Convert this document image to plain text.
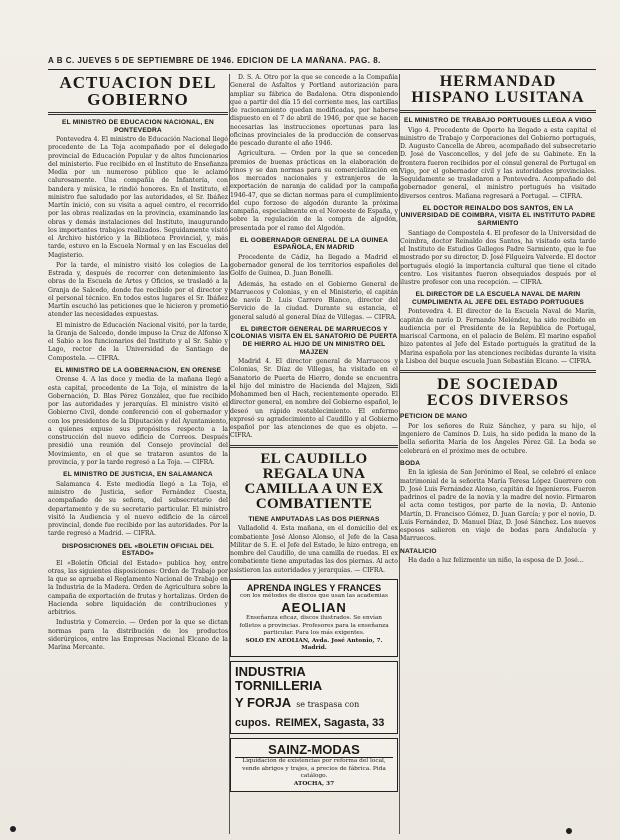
A B C. JUEVES 5 DE SEPTIEMBRE DE 1946. EDICION DE LA MAÑANA. PAG. 8.
ACTUACION DEL GOBIERNO
EL MINISTRO DE EDUCACION NACIONAL, EN PONTEVEDRA
Pontevedra 4. El ministro de Educación Nacional llegó procedente de La Toja acompañado por el delegado provincial de Educación Popular y de altos funcionarios del ministerio. Fue recibido en el Instituto de Enseñanza Media por un numeroso público que le aclamó calurosamente. Una compañía de Infantería, con bandera y música, le rindió honores. En el Instituto, el ministro fue saludado por las autoridades, el Sr. Ibáñez Martín inició, con su visita a aquel centro, el recorrido por las obras realizadas en la provincia, examinando las obras y demás instalaciones del Instituto, inaugurando los importantes trabajos realizados. Seguidamente visitó el Archivo histórico y la Biblioteca Provincial, y, más tarde, estuvo en la Escuela Normal y en las Escuelas del Magisterio.
Por la tarde, el ministro visitó los colegios de La Estrada y, después de recorrer con detenimiento las obras de la Escuela de Artes y Oficios, se trasladó a la Granja de Salcedo, donde fue recibido por el director y el personal técnico. En todos estos lugares el Sr. Ibáñez Martín escuchó las peticiones que le hicieron y prometió atender las necesidades expuestas.
El ministro de Educación Nacional visitó, por la tarde, la Granja de Salcedo, donde impuso la Cruz de Alfonso X el Sabio a los funcionarios del Instituto y al Sr. Sabio y Lago, rector de la Universidad de Santiago de Compostela. — CIFRA.
EL MINISTRO DE LA GOBERNACION, EN ORENSE
Orense 4. A las doce y media de la mañana llegó a esta capital, procedente de La Toja, el ministro de la Gobernación, D. Blas Pérez González, que fue recibido por las autoridades y jerarquías. El ministro visitó el Gobierno Civil, donde conferenció con el gobernador y con los presidentes de la Diputación y del Ayuntamiento, a quienes expuso sus propósitos respecto a la construcción del nuevo edificio de Correos. Después presidió una reunión del Consejo provincial del Movimiento, en el que se trataron asuntos de la provincia, y por la tarde regresó a La Toja. — CIFRA.
EL MINISTRO DE JUSTICIA, EN SALAMANCA
Salamanca 4. Este mediodía llegó a La Toja, el ministro de Justicia, señor Fernández Cuesta, acompañado de su señora, del subsecretario del departamento y de su secretario particular. El ministro visitó la Audiencia y el nuevo edificio de la cárcel provincial, donde fue recibido por las autoridades. Por la tarde regresó a Madrid. — CIFRA.
DISPOSICIONES DEL «BOLETIN OFICIAL DEL ESTADO»
El «Boletín Oficial del Estado» publica hoy, entre otras, las siguientes disposiciones: Orden de Trabajo por la que se aprueba el Reglamento Nacional de Trabajo en la Industria de la Madera. Orden de Agricultura sobre la campaña de exportación de frutas y hortalizas. Orden de Hacienda sobre liquidación de contribuciones y arbitrios.
Industria y Comercio. — Orden por la que se dictan normas para la distribución de los productos siderúrgicos, entre las Empresas Nacional Elcano de la Marina Mercante.
D. S. A. Otro por la que se concede a la Compañía General de Asfaltos y Portland autorización para ampliar su fábrica de Badalona. Otra disponiendo que a partir del día 15 del corriente mes, las cartillas de racionamiento quedan modificadas, por haberse dispuesto en el 7 de abril de 1946, por que se hacen necesarias las instrucciones oportunas para las oficinas provinciales de la producción de conservas de pescado durante el año 1946.
Agricultura. — Orden por la que se conceden premios de buenas prácticas en la elaboración de vinos y se dan normas para su comercialización en los mercados nacionales y extranjeros de la exportación de naranja de calidad por la campaña 1946-47, que se dictan normas para el cumplimiento del cupo forzoso de algodón durante la próxima campaña, especialmente en el Noroeste de España, y sobre la regulación de la compra de algodón, presentada por el ramo del Algodón.
EL GOBERNADOR GENERAL DE LA GUINEA ESPAÑOLA, EN MADRID
Procedente de Cádiz, ha llegado a Madrid el gobernador general de los territorios españoles del Golfo de Guinea, D. Juan Bonelli.
Además, ha estado en el Gobierno General de Marruecos y Colonias, y en el Ministerio, el capitán de navío D. Luis Carrero Blanco, director del Servicio de la ciudad. Durante su estancia, el general saludó al general Díaz de Villegas. — CIFRA.
EL DIRECTOR GENERAL DE MARRUECOS Y COLONIAS VISITA EN EL SANATORIO DE PUERTA DE HIERRO AL HIJO DE UN MINISTRO DEL MAJZEN
Madrid 4. El director general de Marruecos y Colonias, Sr. Díaz de Villegas, ha visitado en el Sanatorio de Puerta de Hierro, donde se encuentra el hijo del ministro de Hacienda del Majzen, Sidi Mohammed ben el Hach, recientemente operado. El director general, en nombre del Gobierno español, le deseó un rápido restablecimiento. El enfermo expresó su agradecimiento al Caudillo y al Gobierno español por las atenciones de que es objeto. — CIFRA.
EL CAUDILLO REGALA UNA CAMILLA A UN EX COMBATIENTE
TIENE AMPUTADAS LAS DOS PIERNAS
Valladolid 4. Esta mañana, en el domicilio del ex combatiente José Alonso Alonso, el Jefe de la Casa Militar de S. E. el Jefe del Estado, le hizo entrega, en nombre del Caudillo, de una camilla de ruedas. El ex combatiente tiene amputadas las dos piernas. Al acto asistieron las autoridades y jerarquías. — CIFRA.
APRENDA INGLES Y FRANCES
con los métodos de discos que usan las academias
AEOLIAN
Enseñanza eficaz, discos ilustrados. Se envían folletos a provincias. Profesores para la enseñanza particular. Para los más exigentes.
SOLO EN AEOLIAN, Avda. José Antonio, 7. Madrid.
INDUSTRIA TORNILLERIA
Y FORJA se traspasa con
cupos. REIMEX, Sagasta, 33
SAINZ-MODAS
Liquidación de existencias por reforma del local, vende abrigos y trajes, a precios de fábrica. Pida catálogo.
ATOCHA, 37
HERMANDAD HISPANO LUSITANA
EL MINISTRO DE TRABAJO PORTUGUES LLEGA A VIGO
Vigo 4. Procedente de Oporto ha llegado a esta capital el ministro de Trabajo y Corporaciones del Gobierno portugués, D. Augusto Cancella de Abreu, acompañado del subsecretario D. José de Vasconcellos, y del jefe de su Gabinete. En la frontera fueron recibidos por el cónsul general de Portugal en Vigo, por el gobernador civil y las autoridades provinciales. Seguidamente se trasladaron a Pontevedra. Acompañado del gobernador general, el ministro portugués ha visitado diversos centros. Mañana regresará a Portugal. — CIFRA.
EL DOCTOR REINALDO DOS SANTOS, EN LA UNIVERSIDAD DE COIMBRA, VISITA EL INSTITUTO PADRE SARMIENTO
Santiago de Compostela 4. El profesor de la Universidad de Coimbra, doctor Reinaldo dos Santos, ha visitado esta tarde el Instituto de Estudios Gallegos Padre Sarmiento, que le fue mostrado por su director, D. José Filgueira Valverde. El doctor portugués elogió la importancia cultural que tiene el citado centro. Los visitantes fueron obsequiados después por el ilustre profesor con una recepción. — CIFRA.
EL DIRECTOR DE LA ESCUELA NAVAL DE MARIN CUMPLIMENTA AL JEFE DEL ESTADO PORTUGUES
Pontevedra 4. El director de la Escuela Naval de Marín, capitán de navío D. Fernando Meléndez, ha sido recibido en audiencia por el Presidente de la República de Portugal, mariscal Carmona, en el palacio de Belém. El marino español hizo patentes al Jefe del Estado portugués la gratitud de la Marina española por las atenciones recibidas durante la visita a Lisboa del buque escuela Juan Sebastián Elcano. — CIFRA.
DE SOCIEDAD
ECOS DIVERSOS
PETICION DE MANO
Por los señores de Ruiz Sánchez, y para su hijo, el ingeniero de Caminos D. Luis, ha sido pedida la mano de la bella señorita María de los Ángeles Pérez Gil. La boda se celebrará en el próximo mes de octubre.
BODA
En la iglesia de San Jerónimo el Real, se celebró el enlace matrimonial de la señorita María Teresa López Guerrero con D. José Luis Fernández Alonso, capitán de Ingenieros. Fueron padrinos el padre de la novia y la madre del novio. Firmaron el acta como testigos, por parte de la novia, D. Antonio Martín, D. Francisco Gómez, D. Juan García; y por el novio, D. Luis Fernández, D. Manuel Díaz, D. José Sánchez. Los nuevos esposos salieron en viaje de bodas para Andalucía y Marruecos.
NATALICIO
Ha dado a luz felizmente un niño, la esposa de D. José...
